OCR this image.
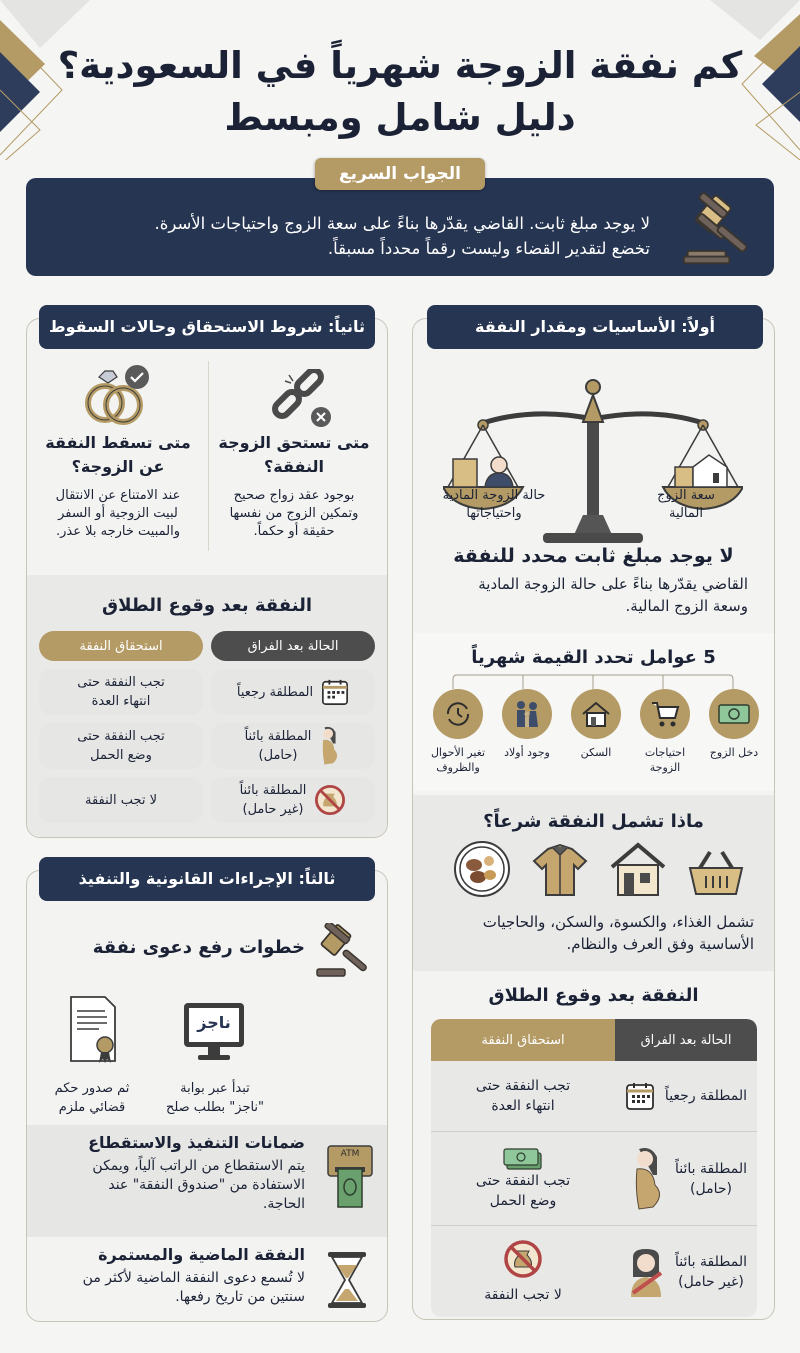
كم نفقة الزوجة شهرياً في السعودية؟
دليل شامل ومبسط
الجواب السريع
لا يوجد مبلغ ثابت. القاضي يقدّرها بناءً على سعة الزوج واحتياجات الأسرة.
تخضع لتقدير القضاء وليست رقماً محدداً مسبقاً.
أولاً: الأساسيات ومقدار النفقة
سعة الزوج
المالية
حالة الزوجة المادية
واحتياجاتها
لا يوجد مبلغ ثابت محدد للنفقة
القاضي يقدّرها بناءً على حالة الزوجة المادية
وسعة الزوج المالية.
5 عوامل تحدد القيمة شهرياً
دخل الزوج

احتياجات
الزوجة
السكن

وجود أولاد

تغير الأحوال
والظروف
ماذا تشمل النفقة شرعاً؟
تشمل الغذاء، والكسوة، والسكن، والحاجيات
الأساسية وفق العرف والنظام.
النفقة بعد وقوع الطلاق
الحالة بعد الفراق
استحقاق النفقة
المطلقة رجعياً
تجب النفقة حتى
انتهاء العدة
المطلقة بائناً
(حامل)
تجب النفقة حتى
وضع الحمل
المطلقة بائناً
(غير حامل)
لا تجب النفقة
ثانياً: شروط الاستحقاق وحالات السقوط
متى تستحق الزوجة
النفقة؟
بوجود عقد زواج صحيح
وتمكين الزوج من نفسها
حقيقة أو حكماً.
متى تسقط النفقة
عن الزوجة؟
عند الامتناع عن الانتقال
لبيت الزوجية أو السفر
والمبيت خارجه بلا عذر.
النفقة بعد وقوع الطلاق
الحالة بعد الفراق
استحقاق النفقة
المطلقة رجعياً
تجب النفقة حتى
انتهاء العدة
المطلقة بائناً
(حامل)
تجب النفقة حتى
وضع الحمل
المطلقة بائناً
(غير حامل)
لا تجب النفقة
ثالثاً: الإجراءات القانونية والتنفيذ
خطوات رفع دعوى نفقة
ناجز
تبدأ عبر بوابة
"ناجز" بطلب صلح
ثم صدور حكم
قضائي ملزم
ATM
ضمانات التنفيذ والاستقطاع
يتم الاستقطاع من الراتب آلياً، ويمكن
الاستفادة من "صندوق النفقة" عند
الحاجة.
النفقة الماضية والمستمرة
لا تُسمع دعوى النفقة الماضية لأكثر من
سنتين من تاريخ رفعها.
